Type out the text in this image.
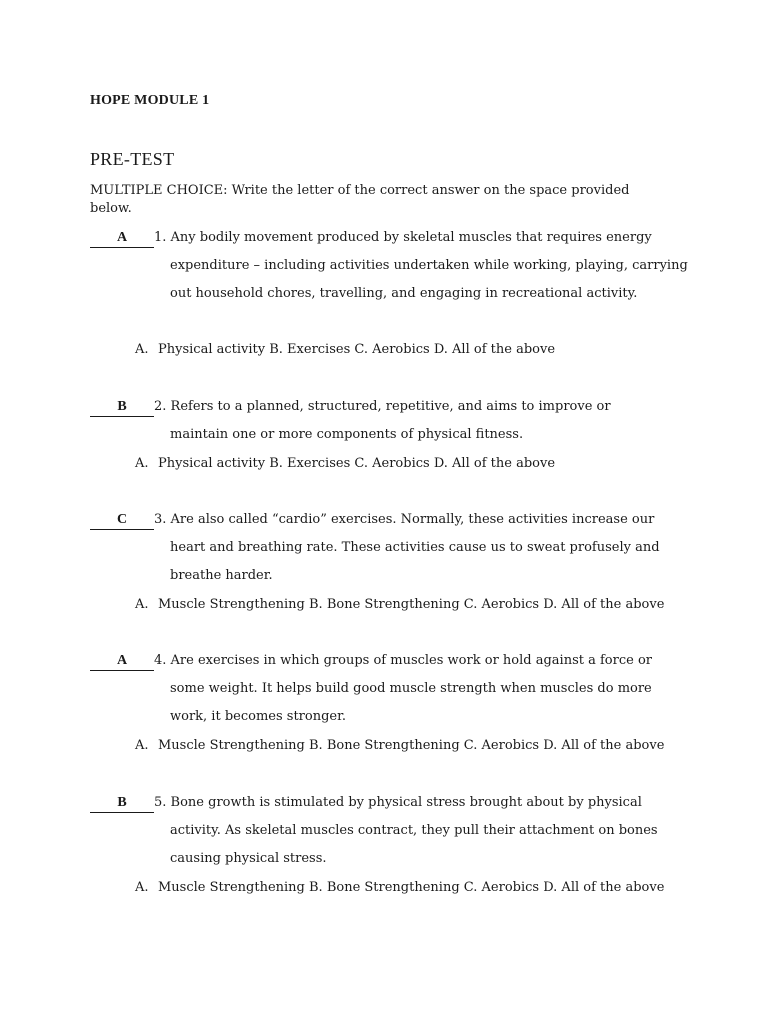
HOPE MODULE 1
PRE-TEST
MULTIPLE CHOICE: Write the letter of the correct answer on the space provided below.
A 1. Any bodily movement produced by skeletal muscles that requires energy
expenditure – including activities undertaken while working, playing, carrying out household chores, travelling, and engaging in recreational activity.
A. Physical activity B. Exercises C. Aerobics D. All of the above
B 2. Refers to a planned, structured, repetitive, and aims to improve or
maintain one or more components of physical fitness.
A. Physical activity B. Exercises C. Aerobics D. All of the above
C 3. Are also called “cardio” exercises. Normally, these activities increase our
heart and breathing rate. These activities cause us to sweat profusely and breathe harder.
A. Muscle Strengthening B. Bone Strengthening C. Aerobics D. All of the above
A 4. Are exercises in which groups of muscles work or hold against a force or
some weight. It helps build good muscle strength when muscles do more work, it becomes stronger.
A. Muscle Strengthening B. Bone Strengthening C. Aerobics D. All of the above
B 5. Bone growth is stimulated by physical stress brought about by physical
activity. As skeletal muscles contract, they pull their attachment on bones causing physical stress.
A. Muscle Strengthening B. Bone Strengthening C. Aerobics D. All of the above
